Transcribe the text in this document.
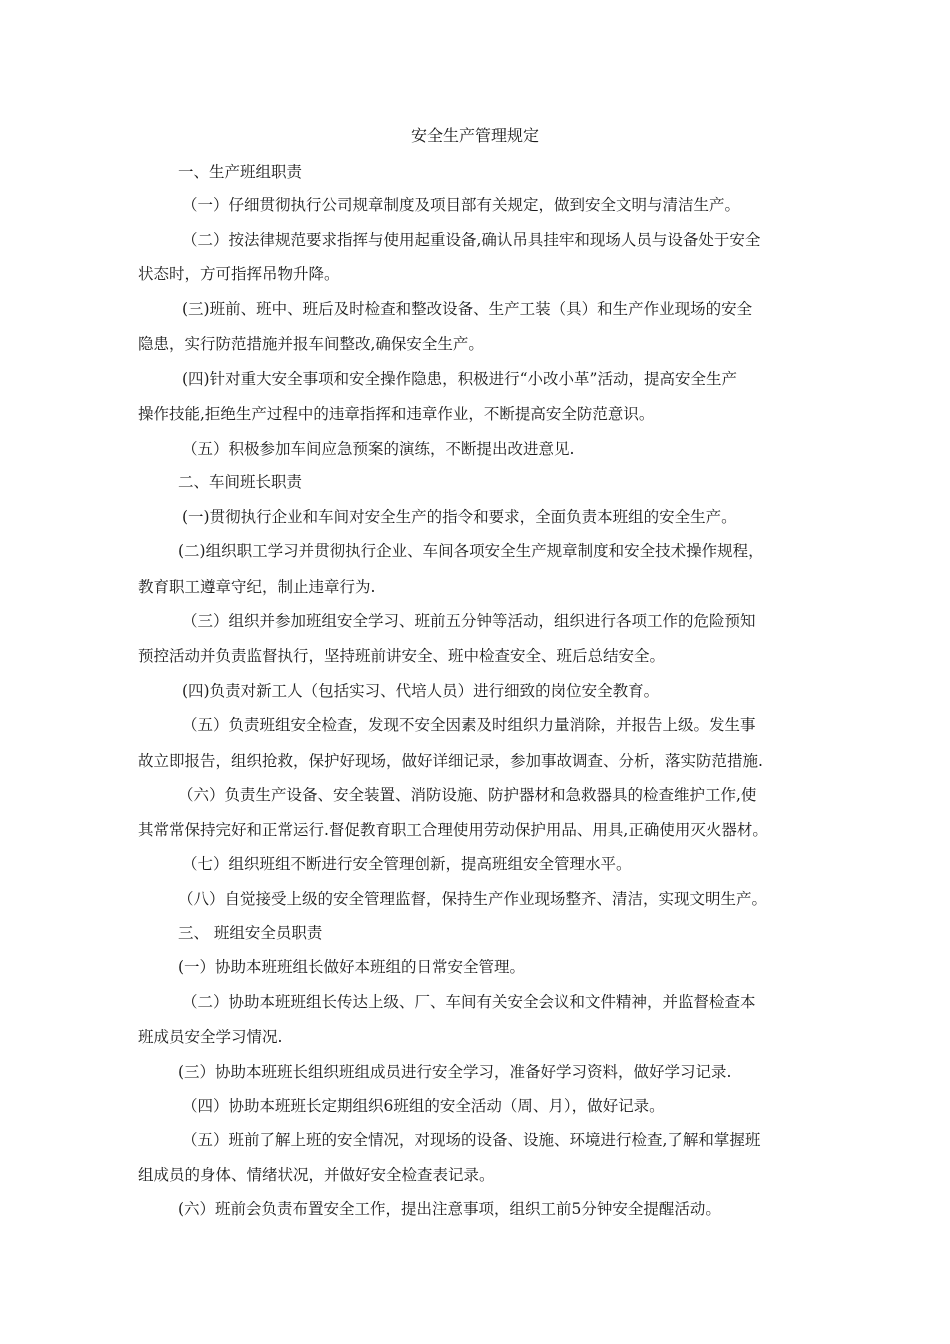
安全生产管理规定
一、生产班组职责
（一）仔细贯彻执行公司规章制度及项目部有关规定，做到安全文明与清洁生产。
（二）按法律规范要求指挥与使用起重设备,确认吊具挂牢和现场人员与设备处于安全
状态时，方可指挥吊物升降。
(三)班前、班中、班后及时检查和整改设备、生产工装（具）和生产作业现场的安全
隐患，实行防范措施并报车间整改,确保安全生产。
(四)针对重大安全事项和安全操作隐患，积极进行“小改小革”活动，提高安全生产
操作技能,拒绝生产过程中的违章指挥和违章作业，不断提高安全防范意识。
（五）积极参加车间应急预案的演练，不断提出改进意见.
二、车间班长职责
(一)贯彻执行企业和车间对安全生产的指令和要求，全面负责本班组的安全生产。
(二)组织职工学习并贯彻执行企业、车间各项安全生产规章制度和安全技术操作规程，
教育职工遵章守纪，制止违章行为.
（三）组织并参加班组安全学习、班前五分钟等活动，组织进行各项工作的危险预知
预控活动并负责监督执行，坚持班前讲安全、班中检查安全、班后总结安全。
(四)负责对新工人（包括实习、代培人员）进行细致的岗位安全教育。
（五）负责班组安全检查，发现不安全因素及时组织力量消除，并报告上级。发生事
故立即报告，组织抢救，保护好现场，做好详细记录，参加事故调查、分析，落实防范措施.
（六）负责生产设备、安全装置、消防设施、防护器材和急救器具的检查维护工作,使
其常常保持完好和正常运行.督促教育职工合理使用劳动保护用品、用具,正确使用灭火器材。
（七）组织班组不断进行安全管理创新，提高班组安全管理水平。
（八）自觉接受上级的安全管理监督，保持生产作业现场整齐、清洁，实现文明生产。
三、 班组安全员职责
(一）协助本班班组长做好本班组的日常安全管理。
（二）协助本班班组长传达上级、厂、车间有关安全会议和文件精神，并监督检查本
班成员安全学习情况.
(三）协助本班班长组织班组成员进行安全学习，准备好学习资料，做好学习记录.
（四）协助本班班长定期组织6班组的安全活动（周、月），做好记录。
（五）班前了解上班的安全情况，对现场的设备、设施、环境进行检查,了解和掌握班
组成员的身体、情绪状况，并做好安全检查表记录。
(六）班前会负责布置安全工作，提出注意事项，组织工前5分钟安全提醒活动。
